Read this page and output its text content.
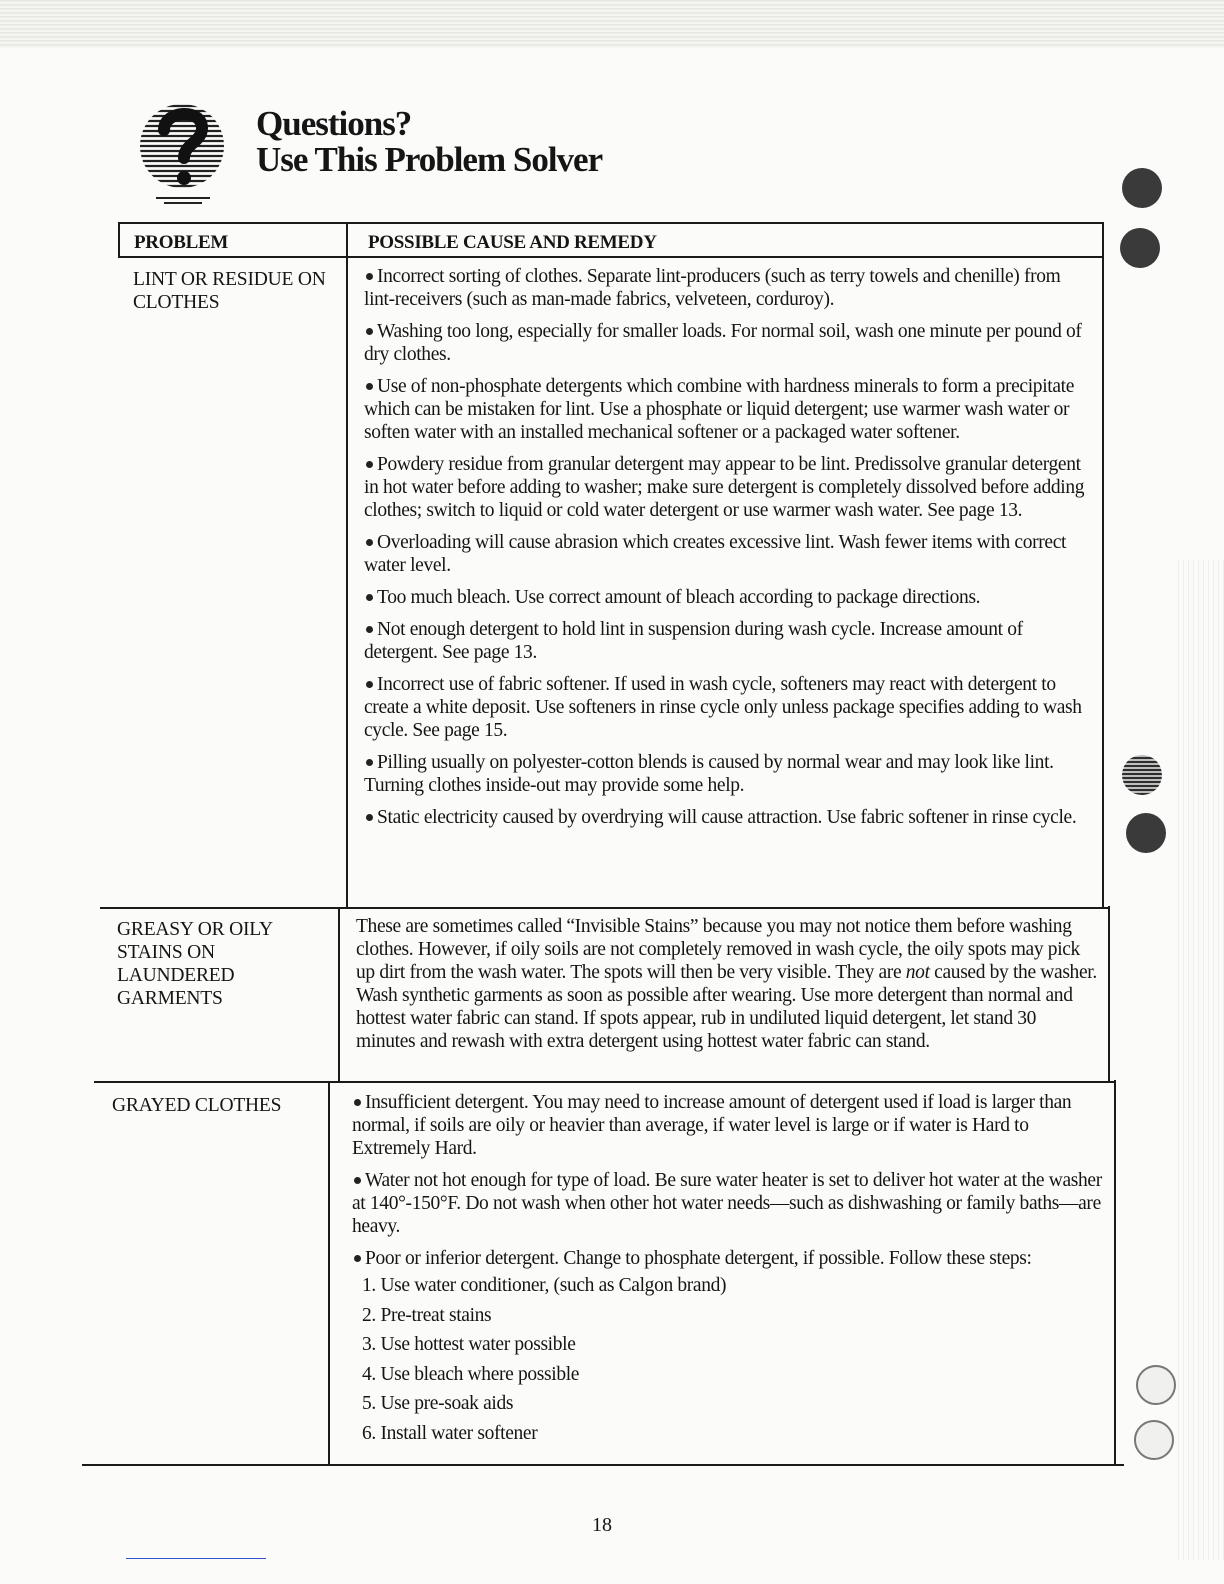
Questions?
Use This Problem Solver

PROBLEM	POSSIBLE CAUSE AND REMEDY

LINT OR RESIDUE ON CLOTHES

Incorrect sorting of clothes. Separate lint-producers (such as terry towels and chenille) from lint-receivers (such as man-made fabrics, velveteen, corduroy).

Washing too long, especially for smaller loads. For normal soil, wash one minute per pound of dry clothes.

Use of non-phosphate detergents which combine with hardness minerals to form a precipitate which can be mistaken for lint. Use a phosphate or liquid detergent; use warmer wash water or soften water with an installed mechanical softener or a packaged water softener.

Powdery residue from granular detergent may appear to be lint. Predissolve granular detergent in hot water before adding to washer; make sure detergent is completely dissolved before adding clothes; switch to liquid or cold water detergent or use warmer wash water. See page 13.

Overloading will cause abrasion which creates excessive lint. Wash fewer items with correct water level.

Too much bleach. Use correct amount of bleach according to package directions.

Not enough detergent to hold lint in suspension during wash cycle. Increase amount of detergent. See page 13.

Incorrect use of fabric softener. If used in wash cycle, softeners may react with detergent to create a white deposit. Use softeners in rinse cycle only unless package specifies adding to wash cycle. See page 15.

Pilling usually on polyester-cotton blends is caused by normal wear and may look like lint. Turning clothes inside-out may provide some help.

Static electricity caused by overdrying will cause attraction. Use fabric softener in rinse cycle.

GREASY OR OILY STAINS ON LAUNDERED GARMENTS

These are sometimes called “Invisible Stains” because you may not notice them before washing clothes. However, if oily soils are not completely removed in wash cycle, the oily spots may pick up dirt from the wash water. The spots will then be very visible. They are not caused by the washer. Wash synthetic garments as soon as possible after wearing. Use more detergent than normal and hottest water fabric can stand. If spots appear, rub in undiluted liquid detergent, let stand 30 minutes and rewash with extra detergent using hottest water fabric can stand.

GRAYED CLOTHES	Insufficient detergent. You may need to increase amount of detergent used if load is larger than normal, if soils are oily or heavier than average, if water level is large or if water is Hard to Extremely Hard.

Water not hot enough for type of load. Be sure water heater is set to deliver hot water at the washer at 140°-150°F. Do not wash when other hot water needs—such as dishwashing or family baths—are heavy.

Poor or inferior detergent. Change to phosphate detergent, if possible. Follow these steps:

1. Use water conditioner, (such as Calgon brand)
2. Pre-treat stains
3. Use hottest water possible
4. Use bleach where possible
5. Use pre-soak aids
6. Install water softener

18
